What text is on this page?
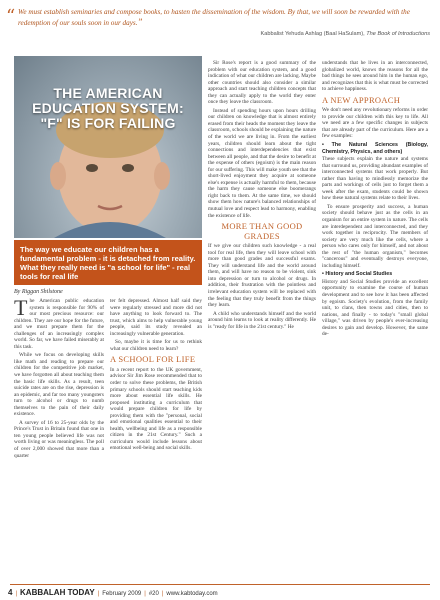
“ We must establish seminaries and compose books, to hasten the dissemination of the wisdom. By that, we will soon be rewarded with the redemption of our souls soon in our days.”
Kabbalist Yehuda Ashlag (Baal HaSulam), The Book of Introductions
THE AMERICAN
EDUCATION SYSTEM:
"F" IS FOR FAILING
The way we educate our children has a fundamental problem - it is detached from reality. What they really need is "a school for life" - real tools for real life
By Riggan Shilstone

The American public education system is responsible for 90% of our most precious resource: our children. They are our hope for the future, and we must prepare them for the challenges of an increasingly complex world. So far, we have failed miserably at this task.

While we focus on developing skills like math and reading to prepare our children for the competitive job market, we have forgotten all about teaching them the basic life skills. As a result, teen suicide rates are on the rise, depression is an epidemic, and far too many youngsters turn to alcohol or drugs to numb themselves to the pain of their daily existence.

A survey of 16 to 25-year olds by the Prince's Trust in Britain found that one in ten young people believed life was not worth living or was meaningless. The poll of over 2,000 showed that more than a quarter

ter felt depressed. Almost half said they were regularly stressed and more did not have anything to look forward to. The trust, which aims to help vulnerable young people, said its study revealed an increasingly vulnerable generation.

So, maybe it is time for us to rethink what our children need to learn?

A SCHOOL FOR LIFE

In a recent report to the UK government, advisor Sir Jim Rose recommended that to order to solve these problems, the British primary schools should start teaching kids more about essential life skills. He proposed instituting a curriculum that would prepare children for life by providing them with the "personal, social and emotional qualities essential to their health, wellbeing and life as a responsible citizen in the 21st Century." Such a curriculum would include lessons about emotional well-being and social skills.

Sir Rose's report is a good summary of the problem with our education system, and a good indication of what our children are lacking. Maybe other countries should also consider a similar approach and start teaching children concepts that they can actually apply to the world they enter once they leave the classroom.

Instead of spending hours upon hours drilling our children on knowledge that is almost entirely erased from their heads the moment they leave the classroom, schools should be explaining the nature of the world we are living in. From the earliest years, children should learn about the tight connections and interdependencies that exist between all people, and that the desire to benefit at the expense of others (egoism) is the main reason for our suffering. This will make youth see that the short-lived enjoyment they acquire at someone else's expense is actually harmful to them, because the harm they cause someone else boomerangs right back to them. At the same time, we should show them how nature's balanced relationships of mutual love and respect lead to harmony, enabling the existence of life.

MORE THAN GOOD GRADES

If we give our children such knowledge - a real tool for real life, then they will leave school with more than good grades and successful exams. They will understand life and the world around them, and will have no reason to be violent, sink into depression or turn to alcohol or drugs. In addition, their frustration with the pointless and irrelevant education system will be replaced with the feeling that they truly benefit from the things they learn.

A child who understands himself and the world around him learns to look at reality differently. He is "ready for life in the 21st century." He

understands that he lives in an interconnected, globalized world, knows the reasons for all the bad things he sees around him in the human ego, and recognizes that this is what must be corrected to achieve happiness.

A NEW APPROACH

We don't need any revolutionary reforms in order to provide our children with this key to life. All we need are a few specific changes in subjects that are already part of the curriculum. Here are a few examples:

• The Natural Sciences (Biology, Chemistry, Physics, and others)

These subjects explain the nature and systems that surround us, providing abundant examples of interconnected systems that work properly. But rather than having to mindlessly memorize the parts and workings of cells just to forget them a week after the exam, students could be shown how these natural systems relate to their lives.

To ensure prosperity and success, a human society should behave just as the cells in an organism for an entire system in nature. The cells are interdependent and interconnected, and they work together in reciprocity. The members of society are very much like the cells, where a person who cares only for himself, and not about the rest of "the human organism," becomes "cancerous" and eventually destroys everyone, including himself.

• History and Social Studies

History and Social Studies provide an excellent opportunity to examine the course of human development and to see how it has been affected by egoism. Society's evolution, from the family unit, to clans, then towns and cities, then to nations, and finally - to today's "small global village," was driven by people's ever-increasing desires to gain and develop. However, the same de-

4 | KABBALAH TODAY | February 2009 | #20 | www.kabtoday.com
